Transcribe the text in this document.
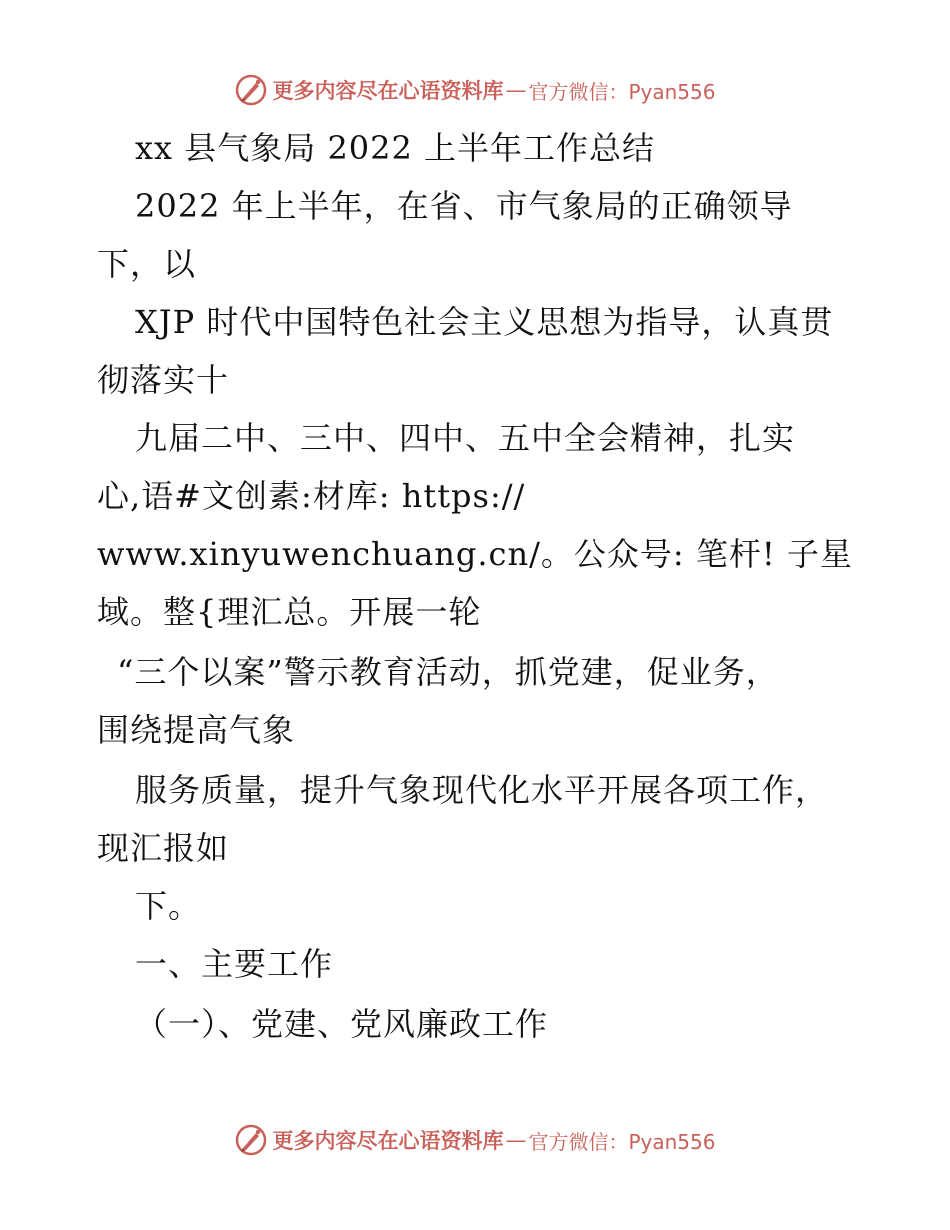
更多内容尽在心语资料库 — 官方微信：Pyan556
xx 县气象局 2022 上半年工作总结
2022 年上半年，在省、市气象局的正确领导
下，以
XJP 时代中国特色社会主义思想为指导，认真贯
彻落实十
九届二中、三中、四中、五中全会精神，扎实
心,语#文创素:材库: https://
www.xinyuwenchuang.cn/。公众号: 笔杆! 子星
域。整{理汇总。开展一轮
“三个以案”警示教育活动，抓党建，促业务，
围绕提高气象
服务质量，提升气象现代化水平开展各项工作，
现汇报如
下。
一、主要工作
（一）、党建、党风廉政工作
更多内容尽在心语资料库 — 官方微信：Pyan556
